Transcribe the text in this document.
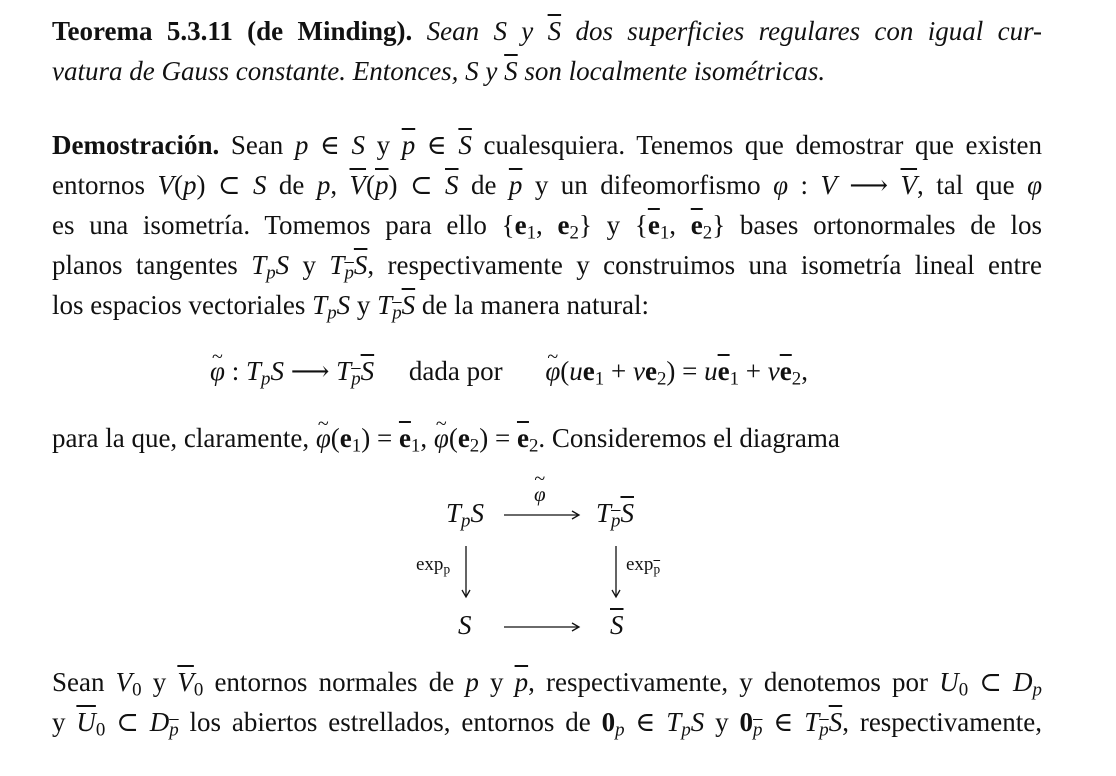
Teorema 5.3.11 (de Minding). Sean S y $\overline{S}$ dos superficies regulares con igual cur-
vatura de Gauss constante. Entonces, S y $\overline{S}$ son localmente isométricas.
Demostración. Sean p ∈ S y $\overline{p}$ ∈ $\overline{S}$ cualesquiera. Tenemos que demostrar que existen
entornos V(p) ⊂ S de p, $\overline{V}(\overline{p})$ ⊂ $\overline{S}$ de $\overline{p}$ y un difeomorfismo φ : V ⟶ $\overline{V}$, tal que φ
es una isometría. Tomemos para ello {$e_1$, $e_2$} y {$\overline{e}_1$, $\overline{e}_2$} bases ortonormales de los
planos tangentes $T_pS$ y $T_{\overline{p}}\overline{S}$, respectivamente y construimos una isometría lineal entre
los espacios vectoriales $T_pS$ y $T_{\overline{p}}\overline{S}$ de la manera natural:
~ φ : $T_pS$ ⟶ $T_{\overline{p}}\overline{S}$ dada por ~ $\varphi(ue_1 + ve_2) = u\overline{e}_1 + v\overline{e}_2$,
para la que, claramente, ~ $\varphi(e_1) = \overline{e}_1$, ~ $\varphi(e_2) = \overline{e}_2$. Consideremos el diagrama
$T_pS$	$T_{\overline{p}}\overline{S}$
S	$\overline{S}$
~ φ
$\exp_p$	$\exp_{\overline{p}}$
Sean $V_0$ y $\overline{V}_0$ entornos normales de p y $\overline{p}$, respectivamente, y denotemos por $U_0$ ⊂ $D_p$
y $\overline{U}_0$ ⊂ $D_{\overline{p}}$ los abiertos estrellados, entornos de $0_p$ ∈ $T_pS$ y $0_{\overline{p}}$ ∈ $T_{\overline{p}}\overline{S}$, respectivamente,
